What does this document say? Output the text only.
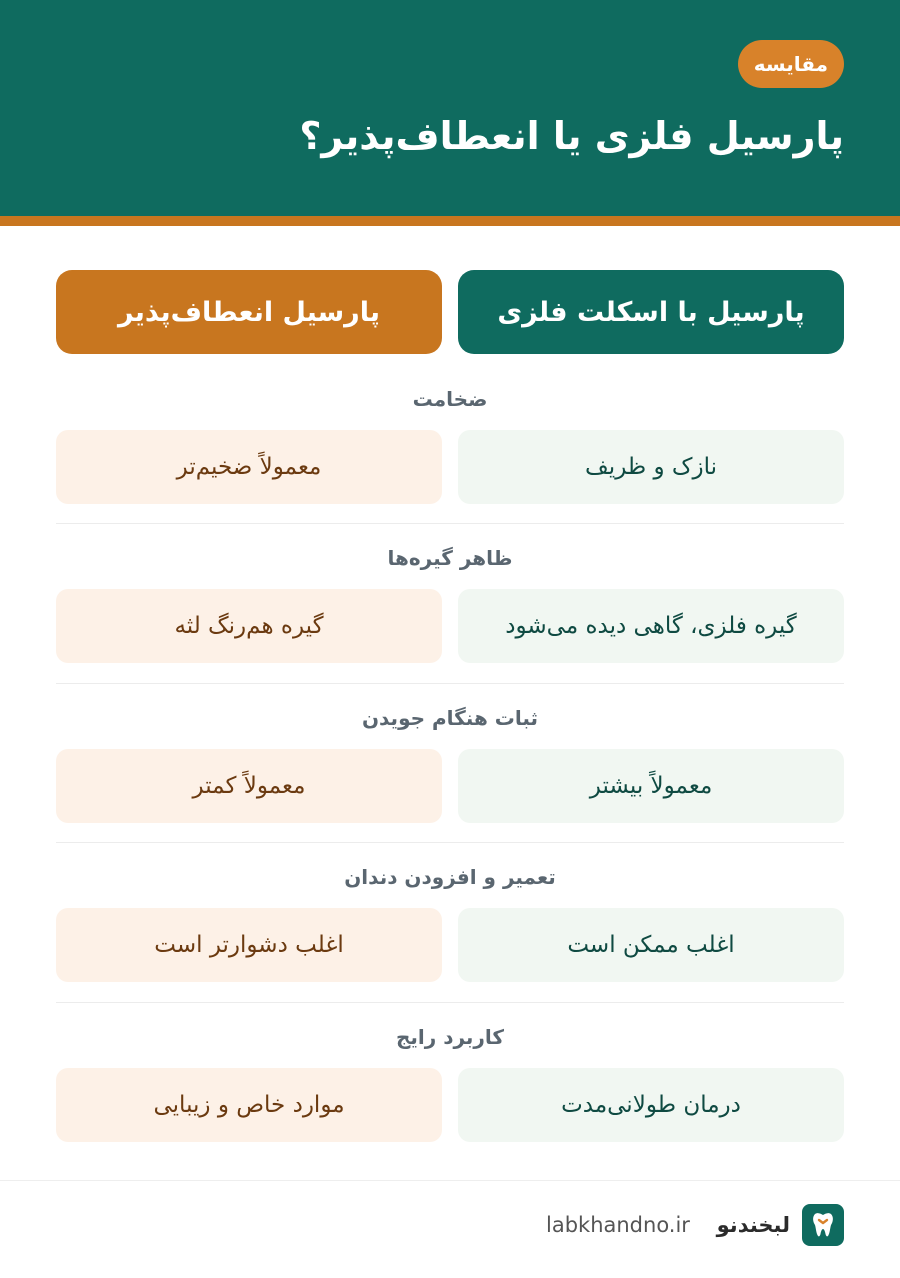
مقایسه
پارسیل فلزی یا انعطاف‌پذیر؟
پارسیل با اسکلت فلزی
پارسیل انعطاف‌پذیر
ضخامت
نازک و ظریف
معمولاً ضخیم‌تر
ظاهر گیره‌ها
گیره فلزی، گاهی دیده می‌شود
گیره هم‌رنگ لثه
ثبات هنگام جویدن
معمولاً بیشتر
معمولاً کمتر
تعمیر و افزودن دندان
اغلب ممکن است
اغلب دشوارتر است
کاربرد رایج
درمان طولانی‌مدت
موارد خاص و زیبایی
لبخندنو
labkhandno.ir
